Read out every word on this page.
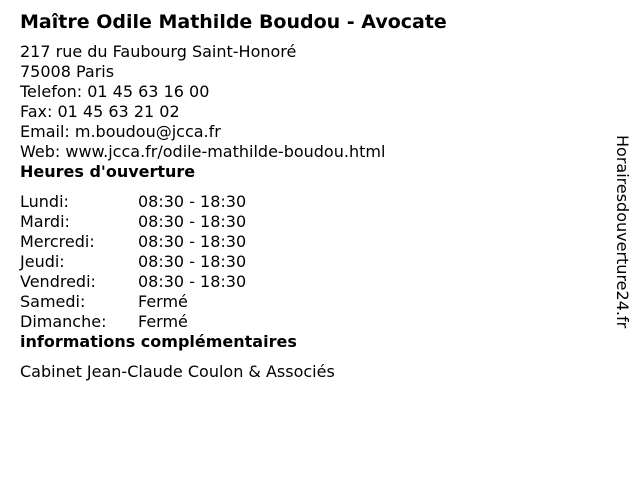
Maître Odile Mathilde Boudou - Avocate
217 rue du Faubourg Saint-Honoré
75008 Paris
Telefon: 01 45 63 16 00
Fax: 01 45 63 21 02
Email: m.boudou@jcca.fr
Web: www.jcca.fr/odile-mathilde-boudou.html
Heures d'ouverture
Lundi:	08:30 - 18:30
Mardi:	08:30 - 18:30
Mercredi:	08:30 - 18:30
Jeudi:	08:30 - 18:30
Vendredi:	08:30 - 18:30
Samedi:	Fermé
Dimanche:	Fermé
informations complémentaires
Cabinet Jean-Claude Coulon & Associés
Horairesdouverture24.fr
